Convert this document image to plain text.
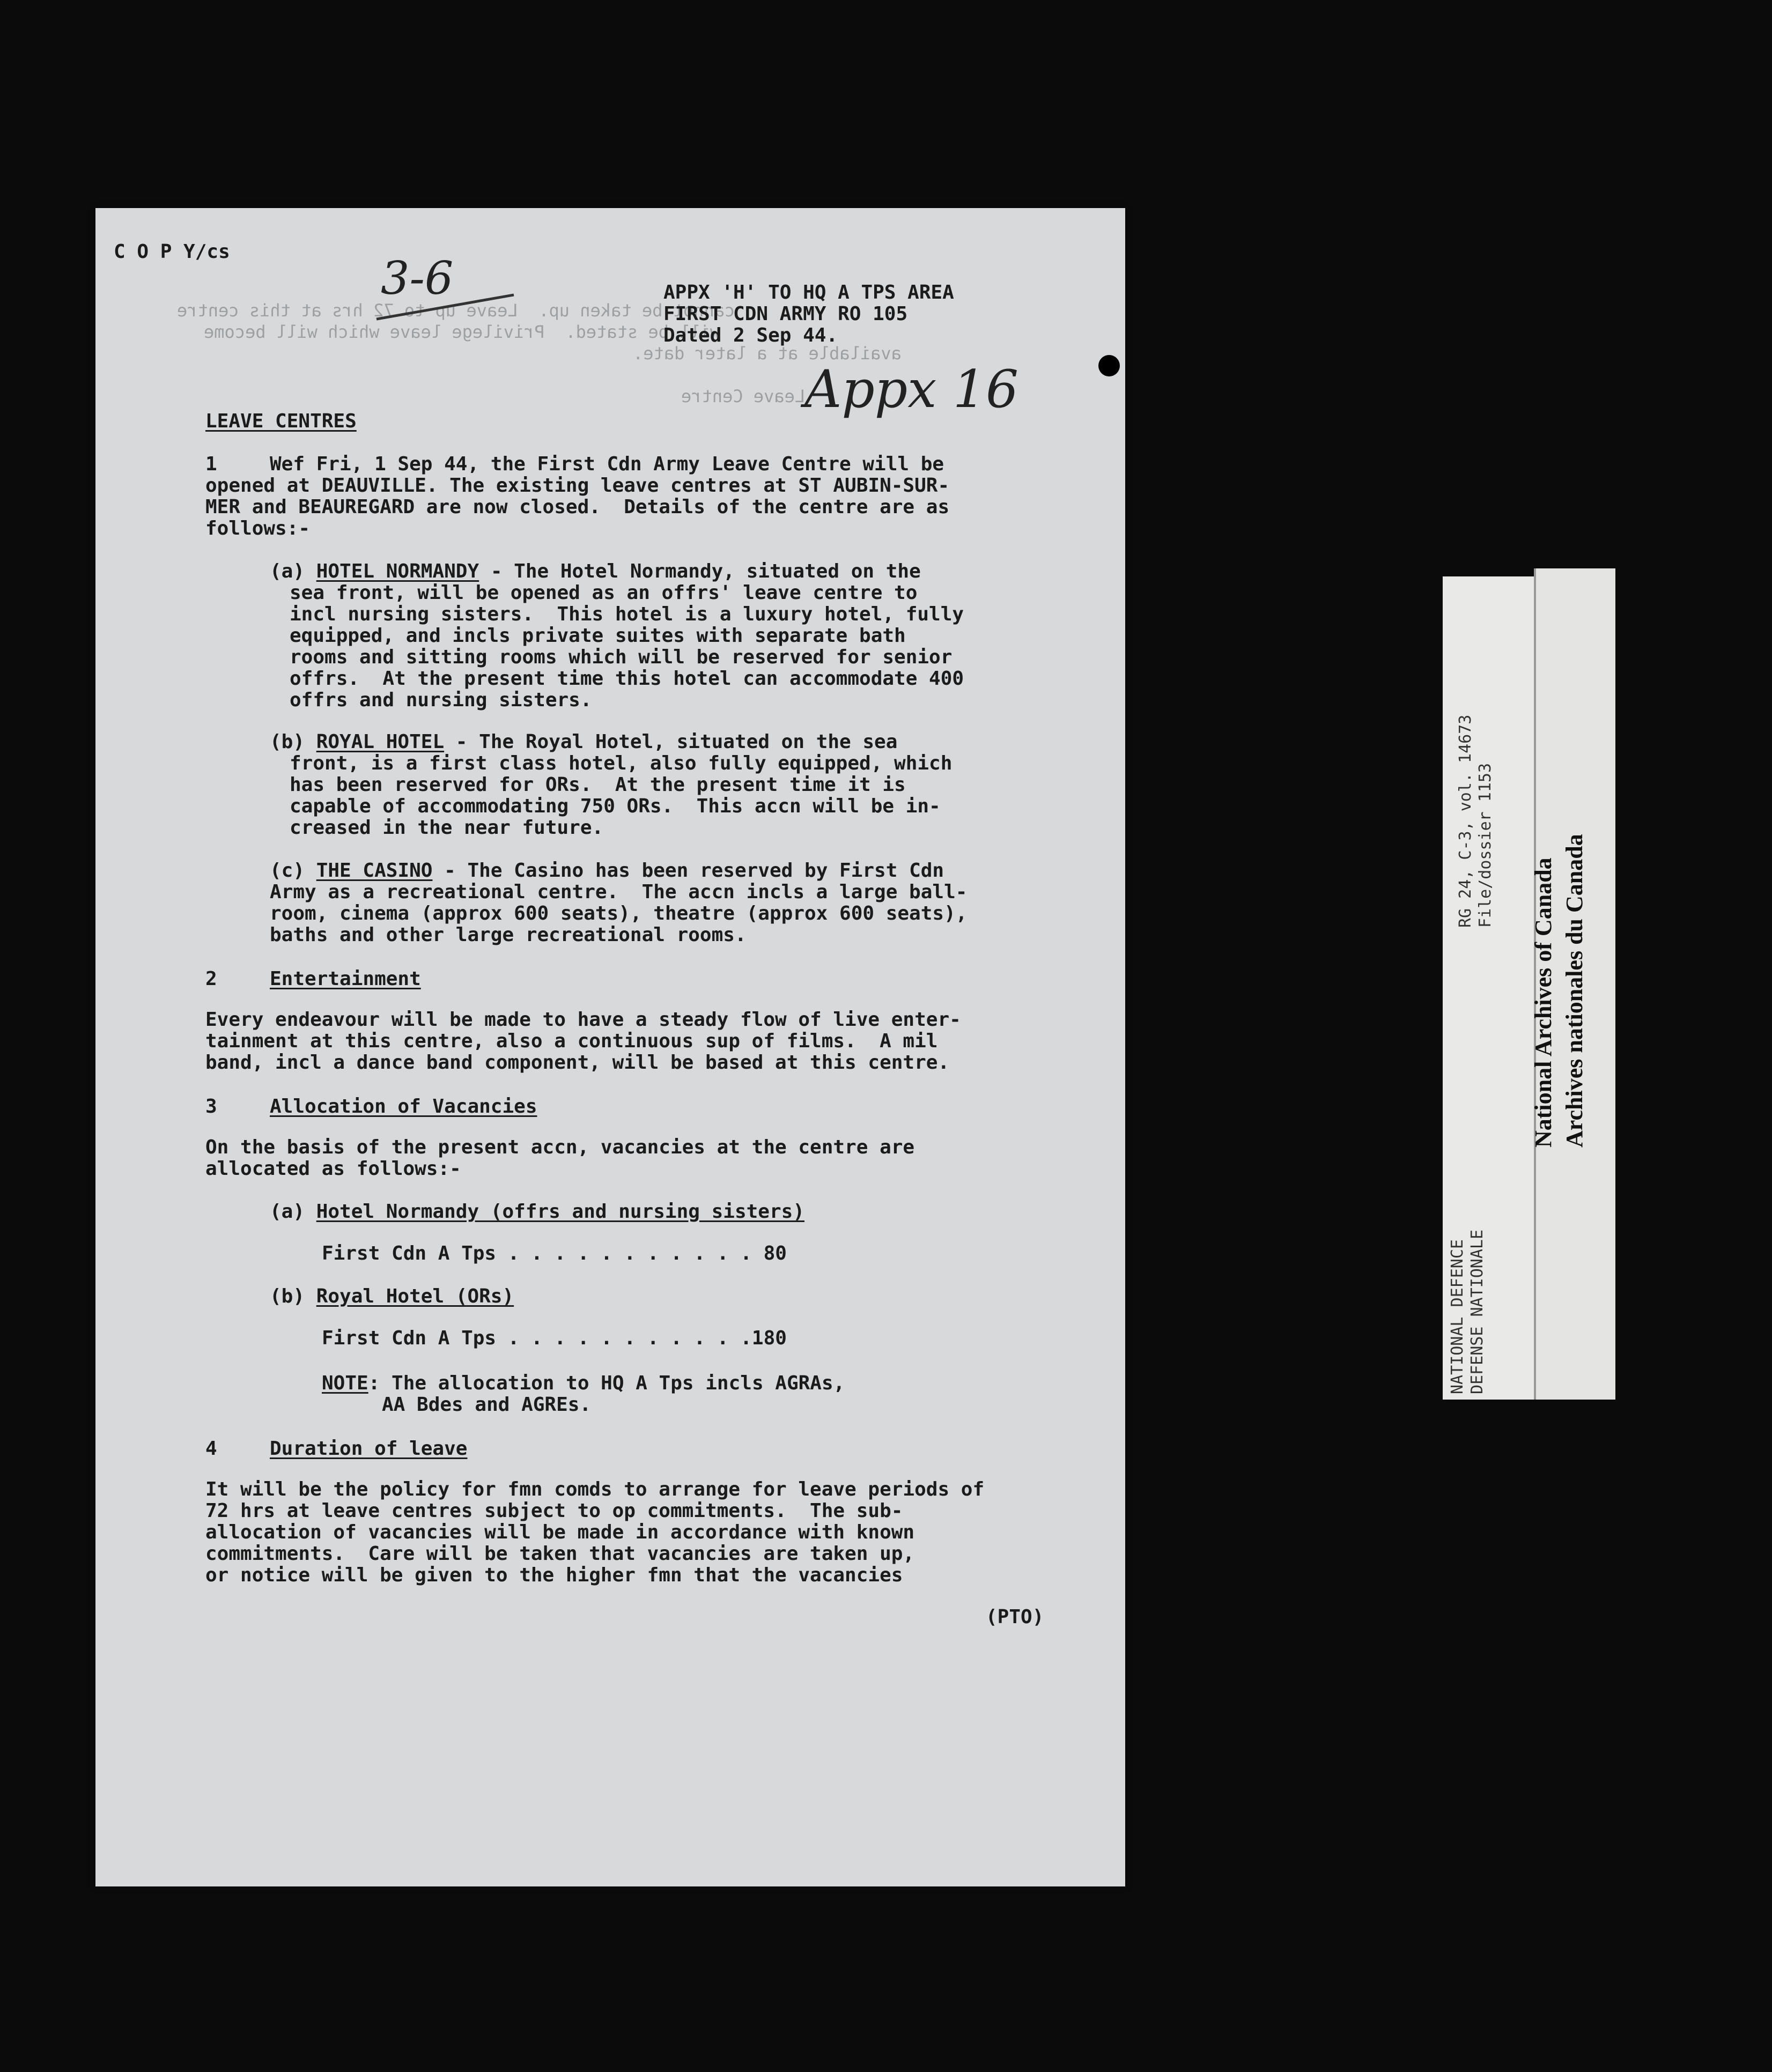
cannot be taken up.  Leave up to 72 hrs at this centre
will be stated.  Privilege leave which will become
available at a later date.
Leave Centre
C O P Y/cs
3-6
Appx 16
APPX 'H' TO HQ A TPS AREA
FIRST CDN ARMY RO 105
Dated 2 Sep 44.
LEAVE CENTRES
1	Wef Fri, 1 Sep 44, the First Cdn Army Leave Centre will be
opened at DEAUVILLE. The existing leave centres at ST AUBIN-SUR-
MER and BEAUREGARD are now closed.  Details of the centre are as
follows:-
(a) HOTEL NORMANDY - The Hotel Normandy, situated on the
sea front, will be opened as an offrs' leave centre to
incl nursing sisters.  This hotel is a luxury hotel, fully
equipped, and incls private suites with separate bath
rooms and sitting rooms which will be reserved for senior
offrs.  At the present time this hotel can accommodate 400
offrs and nursing sisters.
(b) ROYAL HOTEL - The Royal Hotel, situated on the sea
front, is a first class hotel, also fully equipped, which
has been reserved for ORs.  At the present time it is
capable of accommodating 750 ORs.  This accn will be in-
creased in the near future.
(c) THE CASINO - The Casino has been reserved by First Cdn
Army as a recreational centre.  The accn incls a large ball-
room, cinema (approx 600 seats), theatre (approx 600 seats),
baths and other large recreational rooms.
2	Entertainment
Every endeavour will be made to have a steady flow of live enter-
tainment at this centre, also a continuous sup of films.  A mil
band, incl a dance band component, will be based at this centre.
3	Allocation of Vacancies
On the basis of the present accn, vacancies at the centre are
allocated as follows:-
(a) Hotel Normandy (offrs and nursing sisters)
First Cdn A Tps . . . . . . . . . . . 80
(b) Royal Hotel (ORs)
First Cdn A Tps . . . . . . . . . . .180
NOTE: The allocation to HQ A Tps incls AGRAs,
AA Bdes and AGREs.
4	Duration of leave
It will be the policy for fmn comds to arrange for leave periods of
72 hrs at leave centres subject to op commitments.  The sub-
allocation of vacancies will be made in accordance with known
commitments.  Care will be taken that vacancies are taken up,
or notice will be given to the higher fmn that the vacancies
(PTO)
RG 24, C-3, vol. 14673 File/dossier 1153
NATIONAL DEFENCE DEFENSE NATIONALE
National Archives of Canada Archives nationales du Canada
